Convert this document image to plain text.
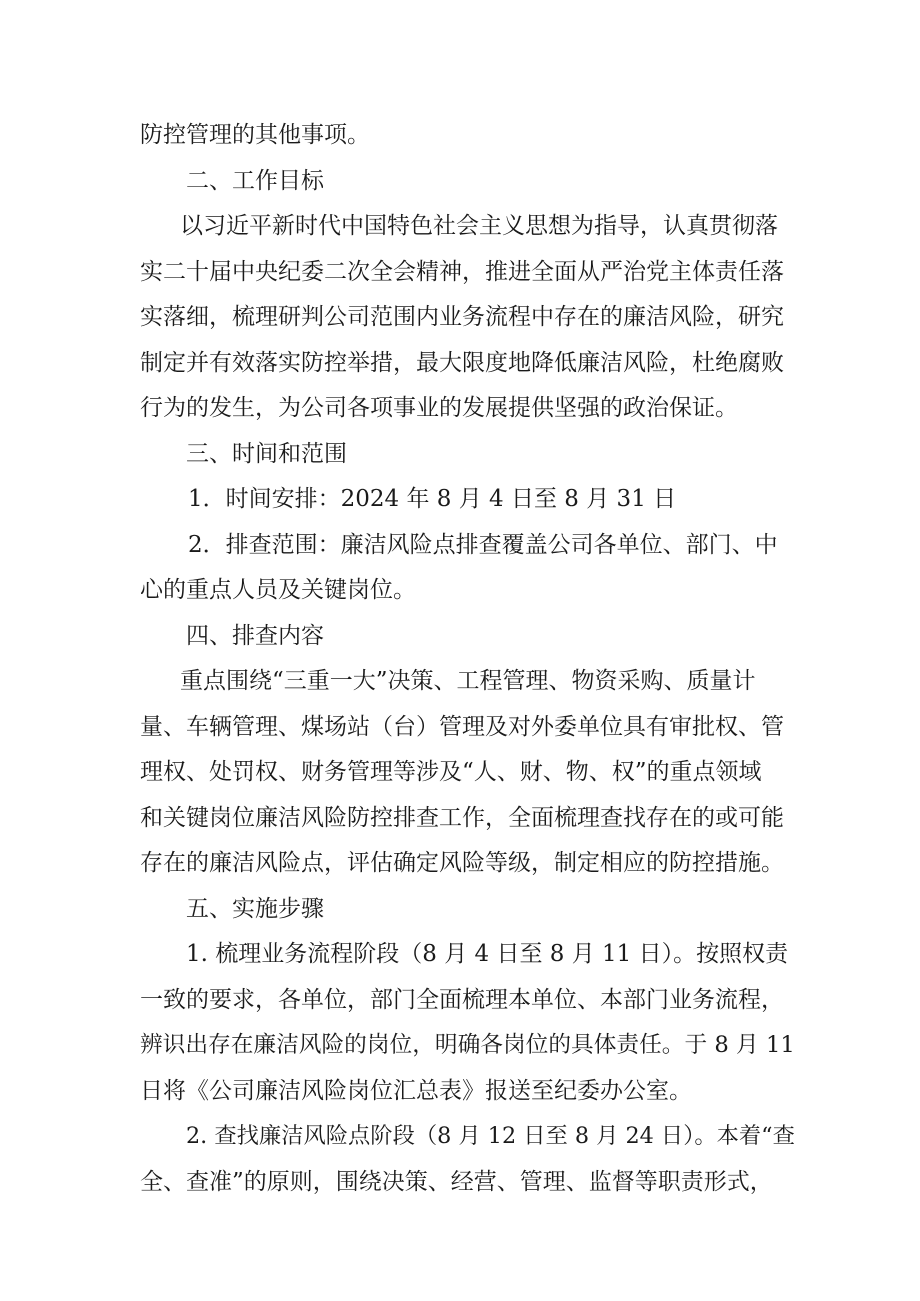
防控管理的其他事项。
二、工作目标
以习近平新时代中国特色社会主义思想为指导，认真贯彻落
实二十届中央纪委二次全会精神，推进全面从严治党主体责任落
实落细，梳理研判公司范围内业务流程中存在的廉洁风险，研究
制定并有效落实防控举措，最大限度地降低廉洁风险，杜绝腐败
行为的发生，为公司各项事业的发展提供坚强的政治保证。
三、时间和范围
1．时间安排：2024 年 8 月 4 日至 8 月 31 日
2．排查范围：廉洁风险点排查覆盖公司各单位、部门、中
心的重点人员及关键岗位。
四、排查内容
重点围绕“三重一大”决策、工程管理、物资采购、质量计
量、车辆管理、煤场站（台）管理及对外委单位具有审批权、管
理权、处罚权、财务管理等涉及“人、财、物、权”的重点领域
和关键岗位廉洁风险防控排查工作，全面梳理查找存在的或可能
存在的廉洁风险点，评估确定风险等级，制定相应的防控措施。
五、实施步骤
1. 梳理业务流程阶段（8 月 4 日至 8 月 11 日）。按照权责
一致的要求，各单位，部门全面梳理本单位、本部门业务流程，
辨识出存在廉洁风险的岗位，明确各岗位的具体责任。于 8 月 11
日将《公司廉洁风险岗位汇总表》报送至纪委办公室。
2. 查找廉洁风险点阶段（8 月 12 日至 8 月 24 日）。本着“查
全、查准”的原则，围绕决策、经营、管理、监督等职责形式，
